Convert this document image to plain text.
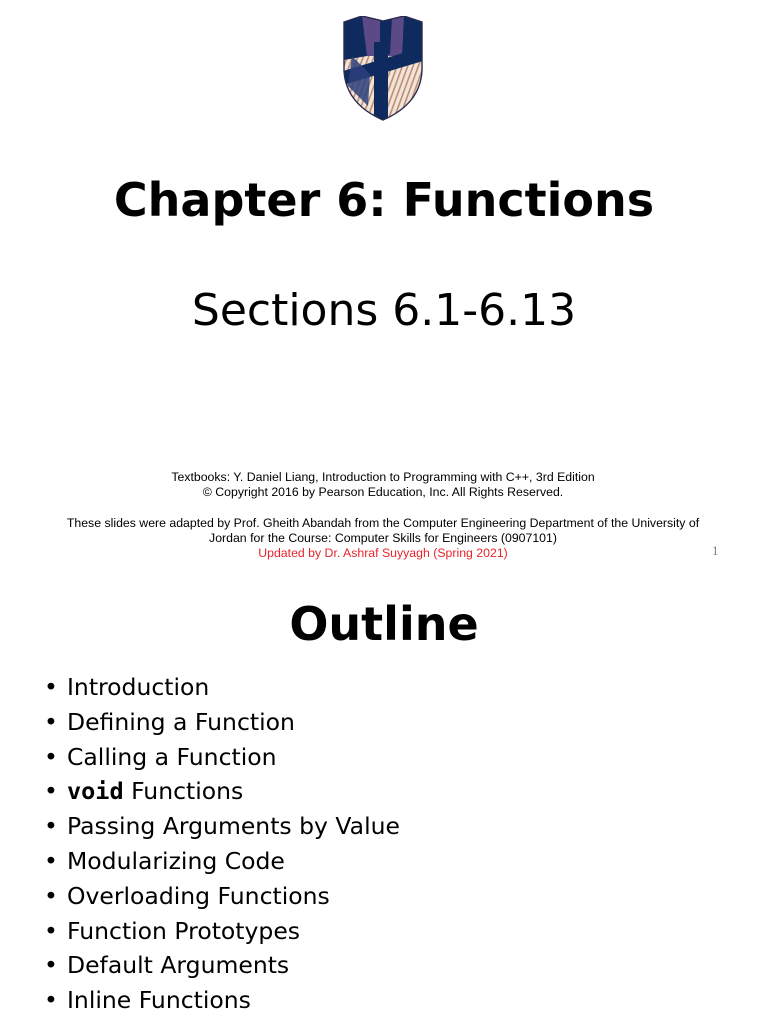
Chapter 6: Functions
Sections 6.1‑6.13
Textbooks: Y. Daniel Liang, Introduction to Programming with C++, 3rd Edition
© Copyright 2016 by Pearson Education, Inc. All Rights Reserved.
These slides were adapted by Prof. Gheith Abandah from the Computer Engineering Department of the University of Jordan for the Course: Computer Skills for Engineers (0907101)
Updated by Dr. Ashraf Suyyagh (Spring 2021)	1
Outline
• Introduction
• Defining a Function
• Calling a Function
• void Functions
• Passing Arguments by Value
• Modularizing Code
• Overloading Functions
• Function Prototypes
• Default Arguments
• Inline Functions
